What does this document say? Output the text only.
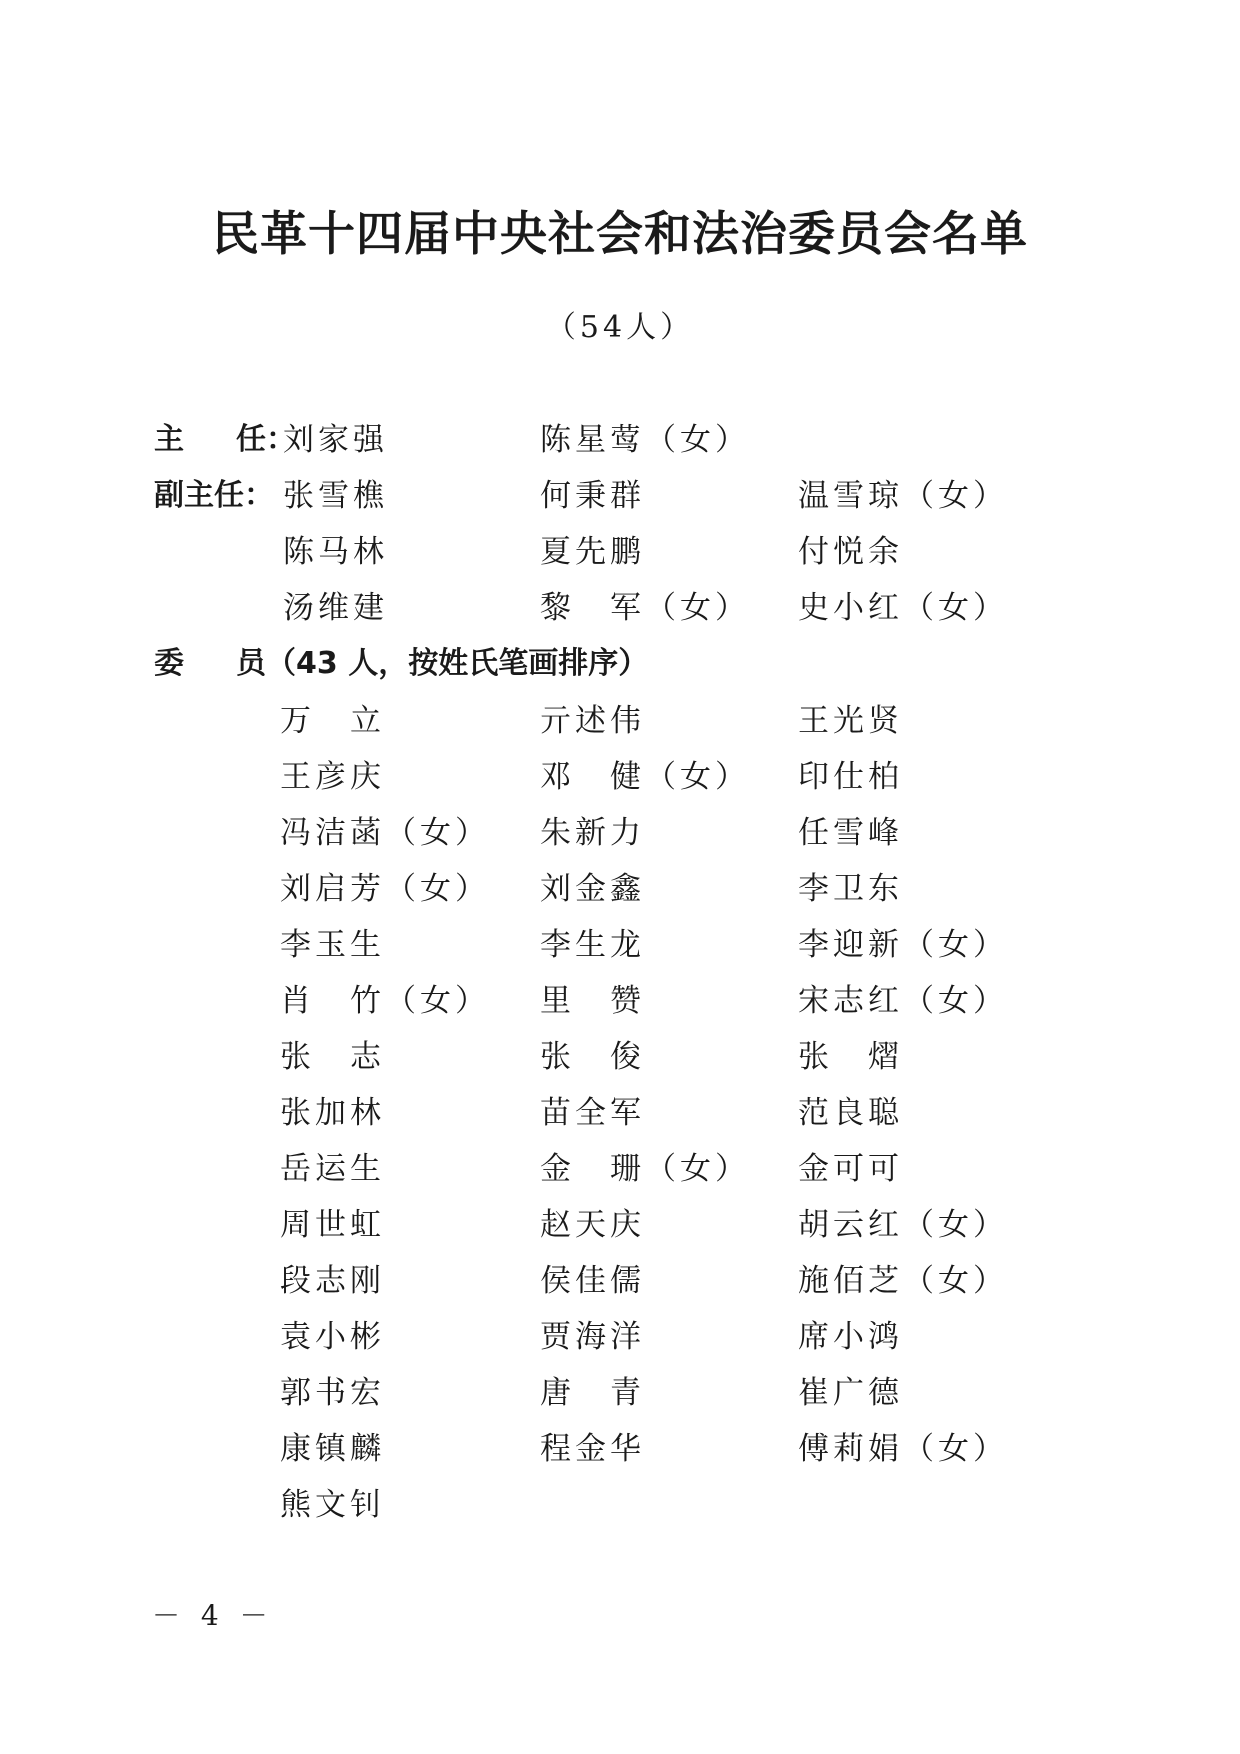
民革十四届中央社会和法治委员会名单
（54人）
主 任：
刘家强	陈星莺（女）
副主任： 张雪樵	何秉群	温雪琼（女）
陈马林	夏先鹏	付悦余
汤维建	黎　军（女） 史小红（女）
委 员（43 人，按姓氏笔画排序）
万　立	亓述伟	王光贤
王彦庆	邓　健（女） 印仕柏
冯洁菡（女） 朱新力	任雪峰
刘启芳（女） 刘金鑫	李卫东
李玉生	李生龙	李迎新（女）
肖　竹（女） 里　赞	宋志红（女）
张　志	张　俊	张　熠
张加林	苗全军	范良聪
岳运生	金　珊（女） 金可可
周世虹	赵天庆	胡云红（女）
段志刚	侯佳儒	施佰芝（女）
袁小彬	贾海洋	席小鸿
郭书宏	唐　青	崔广德
康镇麟	程金华	傅莉娟（女）
熊文钊
－ 4 －
